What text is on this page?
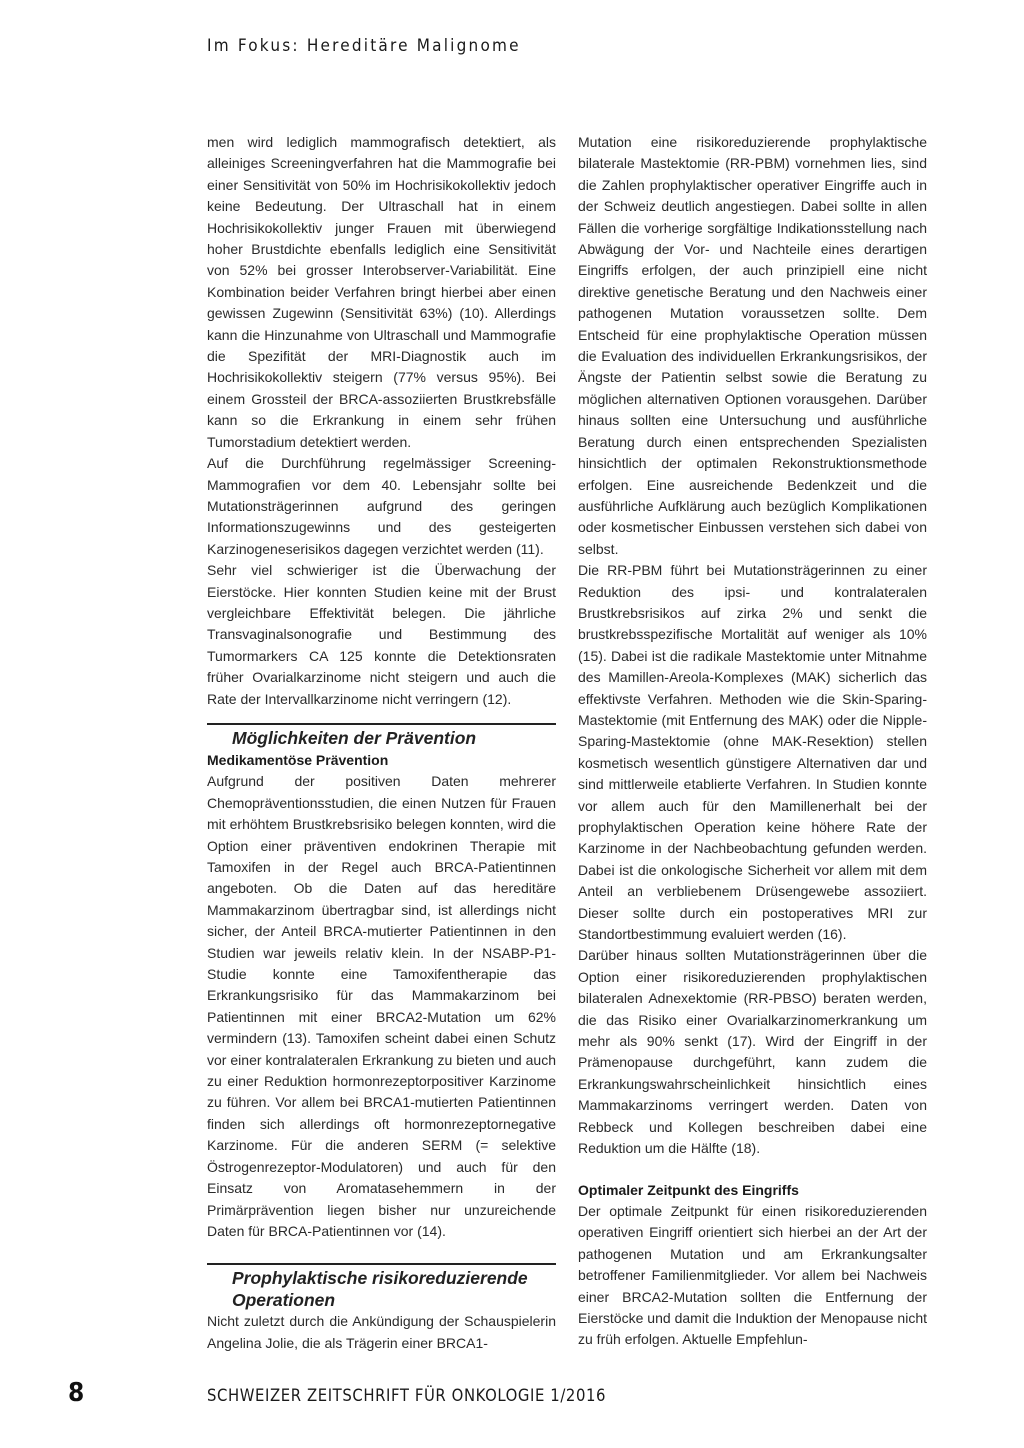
Im Fokus: Hereditäre Malignome

men wird lediglich mammografisch detektiert, als alleiniges Screeningverfahren hat die Mammografie bei einer Sensitivität von 50% im Hochrisikokollektiv jedoch keine Bedeutung. Der Ultraschall hat in einem Hochrisikokollektiv junger Frauen mit überwiegend hoher Brustdichte ebenfalls lediglich eine Sensitivität von 52% bei grosser Interobserver-Variabilität. Eine Kombination beider Verfahren bringt hierbei aber einen gewissen Zugewinn (Sensitivität 63%) (10). Allerdings kann die Hinzunahme von Ultraschall und Mammografie die Spezifität der MRI-Diagnostik auch im Hochrisikokollektiv steigern (77% versus 95%). Bei einem Grossteil der BRCA-assoziierten Brustkrebsfälle kann so die Erkrankung in einem sehr frühen Tumorstadium detektiert werden.

Auf die Durchführung regelmässiger Screening-Mammografien vor dem 40. Lebensjahr sollte bei Mutationsträgerinnen aufgrund des geringen Informationszugewinns und des gesteigerten Karzinogeneserisikos dagegen verzichtet werden (11).

Sehr viel schwieriger ist die Überwachung der Eierstöcke. Hier konnten Studien keine mit der Brust vergleichbare Effektivität belegen. Die jährliche Transvaginalsonografie und Bestimmung des Tumormarkers CA 125 konnte die Detektionsraten früher Ovarialkarzinome nicht steigern und auch die Rate der Intervallkarzinome nicht verringern (12).

Möglichkeiten der Prävention
Medikamentöse Prävention

Aufgrund der positiven Daten mehrerer Chemopräventionsstudien, die einen Nutzen für Frauen mit erhöhtem Brustkrebsrisiko belegen konnten, wird die Option einer präventiven endokrinen Therapie mit Tamoxifen in der Regel auch BRCA-Patientinnen angeboten. Ob die Daten auf das hereditäre Mammakarzinom übertragbar sind, ist allerdings nicht sicher, der Anteil BRCA-mutierter Patientinnen in den Studien war jeweils relativ klein. In der NSABP-P1-Studie konnte eine Tamoxifentherapie das Erkrankungsrisiko für das Mammakarzinom bei Patientinnen mit einer BRCA2-Mutation um 62% vermindern (13). Tamoxifen scheint dabei einen Schutz vor einer kontralateralen Erkrankung zu bieten und auch zu einer Reduktion hormonrezeptorpositiver Karzinome zu führen. Vor allem bei BRCA1-mutierten Patientinnen finden sich allerdings oft hormonrezeptornegative Karzinome. Für die anderen SERM (= selektive Östrogenrezeptor-Modulatoren) und auch für den Einsatz von Aromatasehemmern in der Primärprävention liegen bisher nur unzureichende Daten für BRCA-Patientinnen vor (14).

Prophylaktische risikoreduzierende Operationen

Nicht zuletzt durch die Ankündigung der Schauspielerin Angelina Jolie, die als Trägerin einer BRCA1-

Mutation eine risikoreduzierende prophylaktische bilaterale Mastektomie (RR-PBM) vornehmen lies, sind die Zahlen prophylaktischer operativer Eingriffe auch in der Schweiz deutlich angestiegen. Dabei sollte in allen Fällen die vorherige sorgfältige Indikationsstellung nach Abwägung der Vor- und Nachteile eines derartigen Eingriffs erfolgen, der auch prinzipiell eine nicht direktive genetische Beratung und den Nachweis einer pathogenen Mutation voraussetzen sollte. Dem Entscheid für eine prophylaktische Operation müssen die Evaluation des individuellen Erkrankungsrisikos, der Ängste der Patientin selbst sowie die Beratung zu möglichen alternativen Optionen vorausgehen. Darüber hinaus sollten eine Untersuchung und ausführliche Beratung durch einen entsprechenden Spezialisten hinsichtlich der optimalen Rekonstruktionsmethode erfolgen. Eine ausreichende Bedenkzeit und die ausführliche Aufklärung auch bezüglich Komplikationen oder kosmetischer Einbussen verstehen sich dabei von selbst.

Die RR-PBM führt bei Mutationsträgerinnen zu einer Reduktion des ipsi- und kontralateralen Brustkrebsrisikos auf zirka 2% und senkt die brustkrebsspezifische Mortalität auf weniger als 10% (15). Dabei ist die radikale Mastektomie unter Mitnahme des Mamillen-Areola-Komplexes (MAK) sicherlich das effektivste Verfahren. Methoden wie die Skin-Sparing-Mastektomie (mit Entfernung des MAK) oder die Nipple-Sparing-Mastektomie (ohne MAK-Resektion) stellen kosmetisch wesentlich günstigere Alternativen dar und sind mittlerweile etablierte Verfahren. In Studien konnte vor allem auch für den Mamillenerhalt bei der prophylaktischen Operation keine höhere Rate der Karzinome in der Nachbeobachtung gefunden werden. Dabei ist die onkologische Sicherheit vor allem mit dem Anteil an verbliebenem Drüsengewebe assoziiert. Dieser sollte durch ein postoperatives MRI zur Standortbestimmung evaluiert werden (16).

Darüber hinaus sollten Mutationsträgerinnen über die Option einer risikoreduzierenden prophylaktischen bilateralen Adnexektomie (RR-PBSO) beraten werden, die das Risiko einer Ovarialkarzinomerkrankung um mehr als 90% senkt (17). Wird der Eingriff in der Prämenopause durchgeführt, kann zudem die Erkrankungswahrscheinlichkeit hinsichtlich eines Mammakarzinoms verringert werden. Daten von Rebbeck und Kollegen beschreiben dabei eine Reduktion um die Hälfte (18).

Optimaler Zeitpunkt des Eingriffs

Der optimale Zeitpunkt für einen risikoreduzierenden operativen Eingriff orientiert sich hierbei an der Art der pathogenen Mutation und am Erkrankungsalter betroffener Familienmitglieder. Vor allem bei Nachweis einer BRCA2-Mutation sollten die Entfernung der Eierstöcke und damit die Induktion der Menopause nicht zu früh erfolgen. Aktuelle Empfehlun-

8	SCHWEIZER ZEITSCHRIFT FÜR ONKOLOGIE 1/2016
